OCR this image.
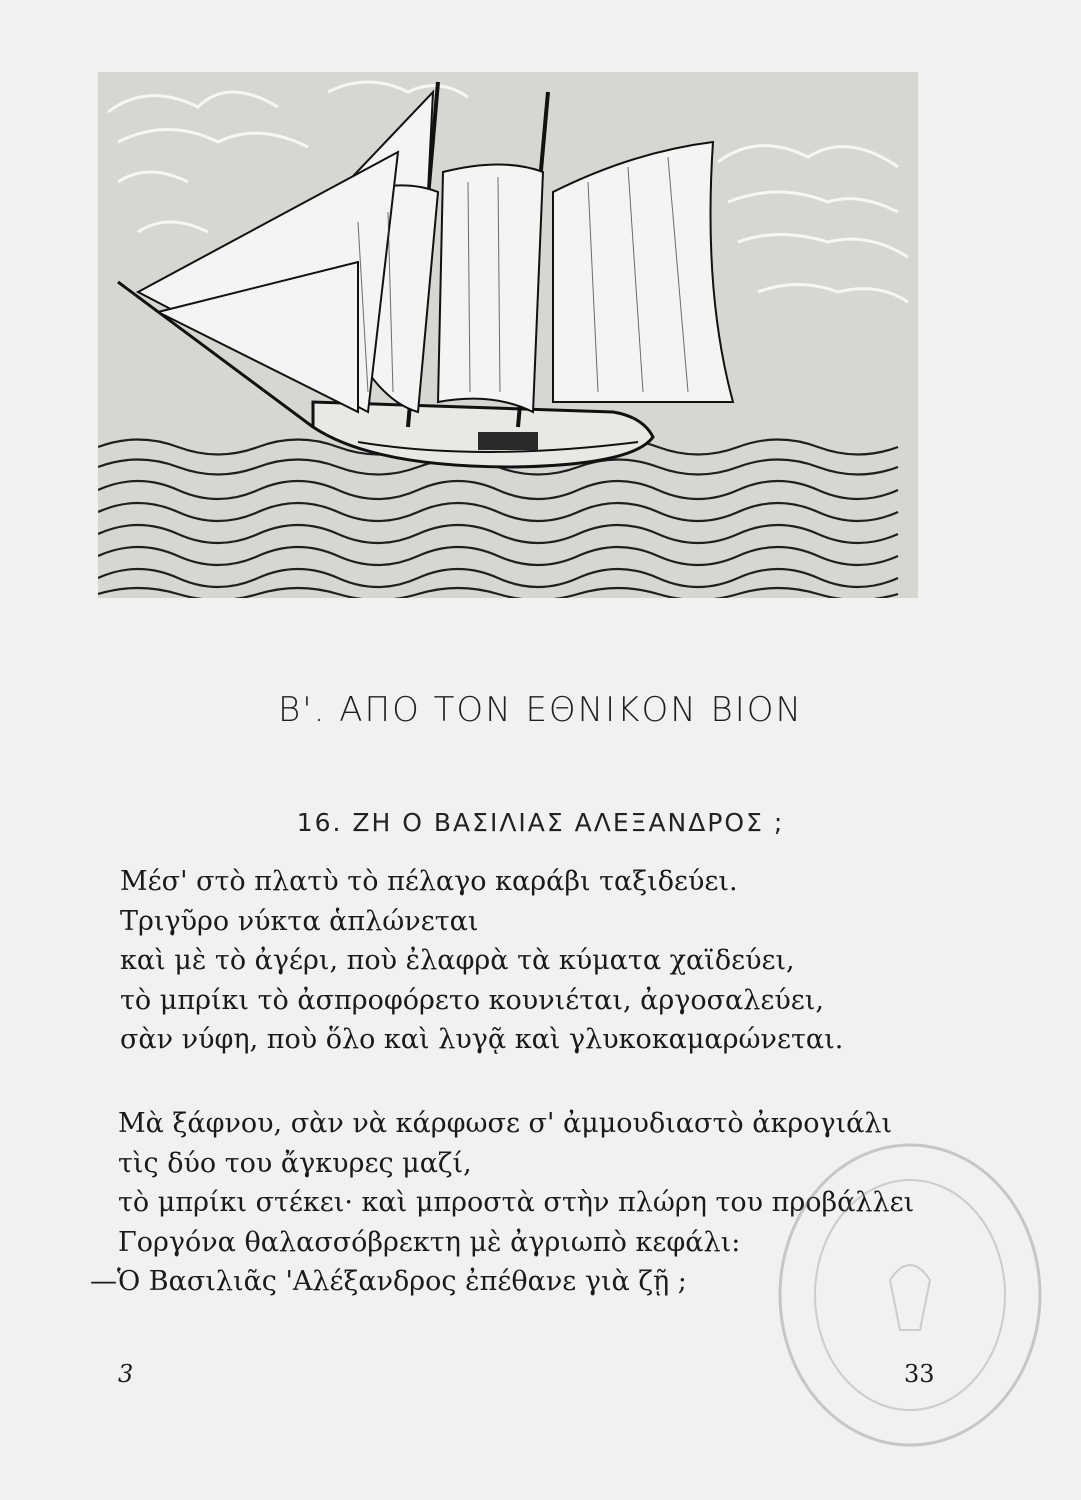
Β'. ΑΠΟ ΤΟΝ ΕΘΝΙΚΟΝ ΒΙΟΝ
16. ΖΗ Ο ΒΑΣΙΛΙΑΣ ΑΛΕΞΑΝΔΡΟΣ ;
Μέσ' στὸ πλατὺ τὸ πέλαγο καράβι ταξιδεύει.
Τριγῦρο νύκτα ἁπλώνεται
καὶ μὲ τὸ ἀγέρι, ποὺ ἐλαφρὰ τὰ κύματα χαϊδεύει,
τὸ μπρίκι τὸ ἀσπροφόρετο κουνιέται, ἀργοσαλεύει,
σὰν νύφη, ποὺ ὅλο καὶ λυγᾷ καὶ γλυκοκαμαρώνεται.
Μὰ ξάφνου, σὰν νὰ κάρφωσε σ' ἀμμουδιαστὸ ἀκρογιάλι
τὶς δύο του ἄγκυρες μαζί,
τὸ μπρίκι στέκει· καὶ μπροστὰ στὴν πλώρη του προβάλλει
Γοργόνα θαλασσόβρεκτη μὲ ἀγριωπὸ κεφάλι:
—Ὁ Βασιλιᾶς 'Αλέξανδρος ἐπέθανε γιὰ ζῇ ;
3	33
